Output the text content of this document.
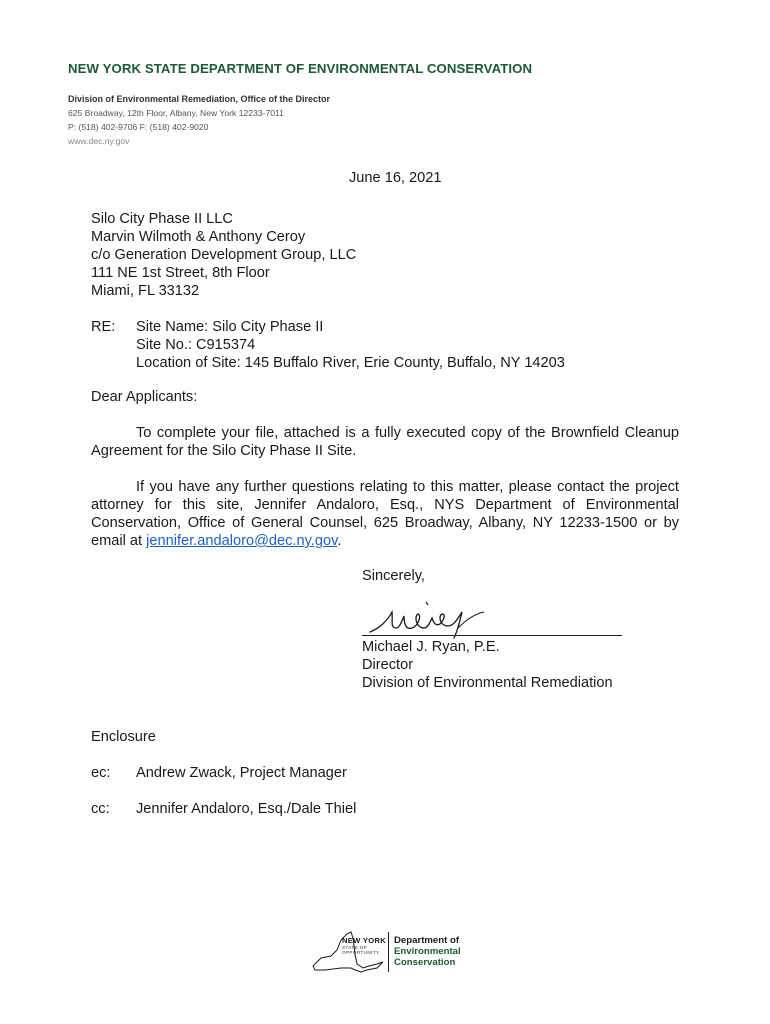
NEW YORK STATE DEPARTMENT OF ENVIRONMENTAL CONSERVATION
Division of Environmental Remediation, Office of the Director
625 Broadway, 12th Floor, Albany, New York 12233-7011
P: (518) 402-9706 F: (518) 402-9020
www.dec.ny.gov
June 16, 2021
Silo City Phase II LLC
Marvin Wilmoth & Anthony Ceroy
c/o Generation Development Group, LLC
111 NE 1st Street, 8th Floor
Miami, FL 33132
RE: Site Name: Silo City Phase II
Site No.: C915374
Location of Site: 145 Buffalo River, Erie County, Buffalo, NY 14203
Dear Applicants:
To complete your file, attached is a fully executed copy of the Brownfield Cleanup Agreement for the Silo City Phase II Site.
If you have any further questions relating to this matter, please contact the project attorney for this site, Jennifer Andaloro, Esq., NYS Department of Environmental Conservation, Office of General Counsel, 625 Broadway, Albany, NY 12233-1500 or by email at jennifer.andaloro@dec.ny.gov.
Sincerely,
Michael J. Ryan, P.E.
Director
Division of Environmental Remediation
Enclosure
ec: Andrew Zwack, Project Manager
cc: Jennifer Andaloro, Esq./Dale Thiel
NEW YORK
STATE OF
OPPORTUNITY
Department of
Environmental
Conservation
